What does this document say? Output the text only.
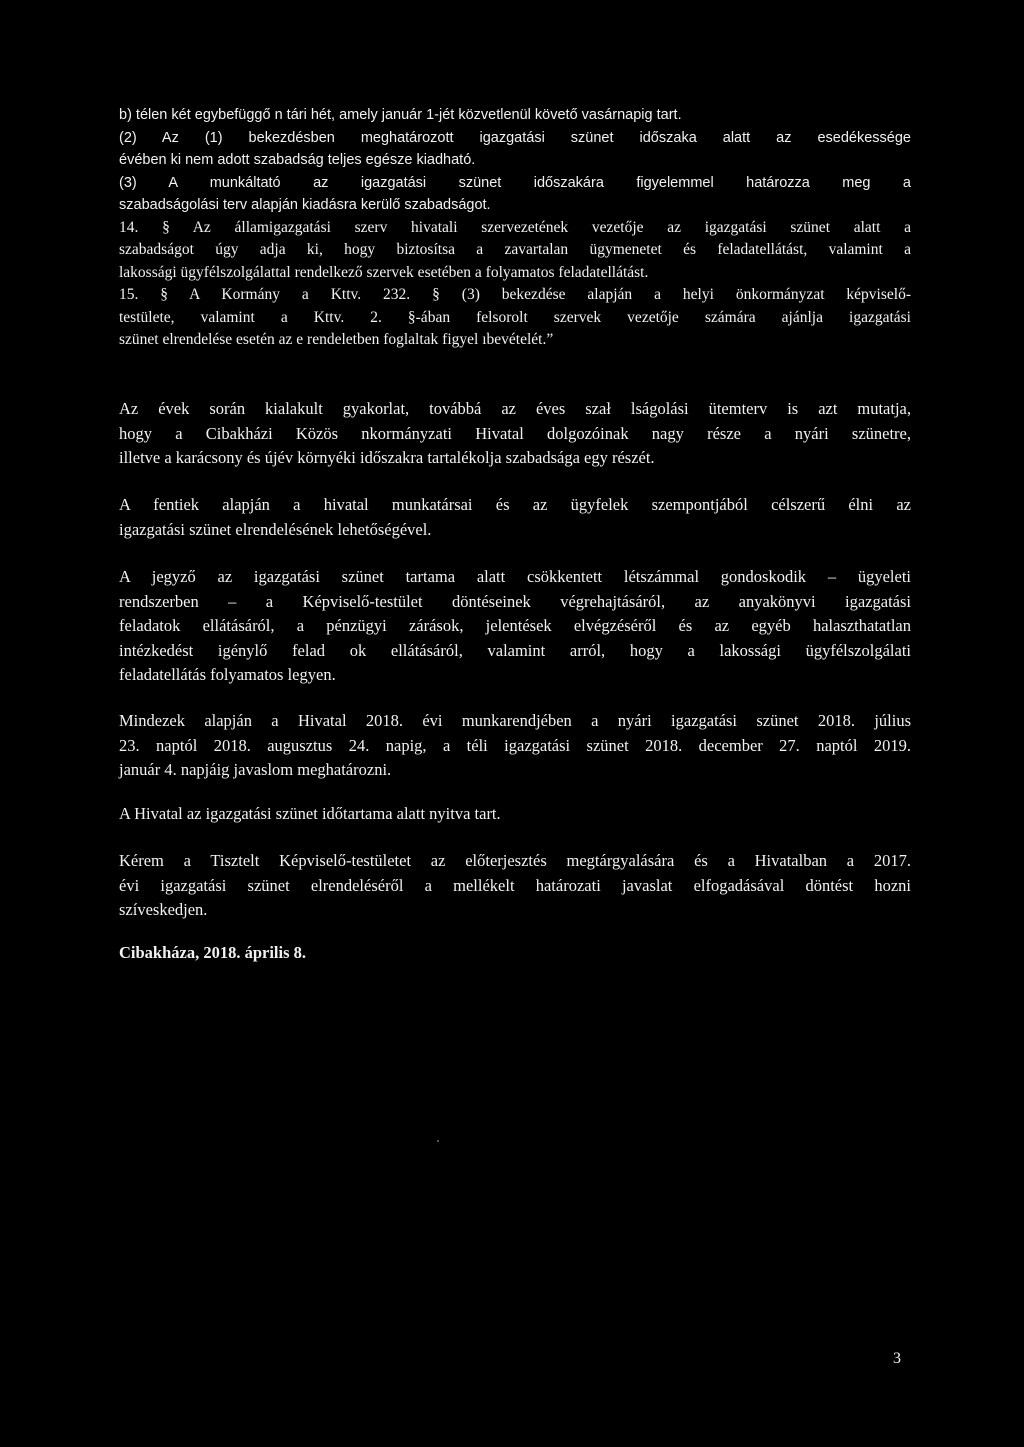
b) télen két egybefüggő n tári hét, amely január 1-jét közvetlenül követő vasárnapig tart.
(2) Az (1) bekezdésben meghatározott igazgatási szünet időszaka alatt az esedékessége
évében ki nem adott szabadság teljes egésze kiadható.
(3) A munkáltató az igazgatási szünet időszakára figyelemmel határozza meg a
szabadságolási terv alapján kiadásra kerülő szabadságot.
14. § Az államigazgatási szerv hivatali szervezetének vezetője az igazgatási szünet alatt a
szabadságot úgy adja ki, hogy biztosítsa a zavartalan ügymenetet és feladatellátást, valamint a
lakossági ügyfélszolgálattal rendelkező szervek esetében a folyamatos feladatellátást.
15. § A Kormány a Kttv. 232. § (3) bekezdése alapján a helyi önkormányzat képviselő-
testülete, valamint a Kttv. 2. §-ában felsorolt szervek vezetője számára ajánlja igazgatási
szünet elrendelése esetén az e rendeletben foglaltak figyel ıbevételét.”
Az évek során kialakult gyakorlat, továbbá az éves szał lságolási ütemterv is azt mutatja,
hogy a Cibakházi Közös nkormányzati Hivatal dolgozóinak nagy része a nyári szünetre,
illetve a karácsony és újév környéki időszakra tartalékolja szabadsága egy részét.
A fentiek alapján a hivatal munkatársai és az ügyfelek szempontjából célszerű élni az
igazgatási szünet elrendelésének lehetőségével.
A jegyző az igazgatási szünet tartama alatt csökkentett létszámmal gondoskodik – ügyeleti
rendszerben – a Képviselő-testület döntéseinek végrehajtásáról, az anyakönyvi igazgatási
feladatok ellátásáról, a pénzügyi zárások, jelentések elvégzéséről és az egyéb halaszthatatlan
intézkedést igénylő felad ok ellátásáról, valamint arról, hogy a lakossági ügyfélszolgálati
feladatellátás folyamatos legyen.
Mindezek alapján a Hivatal 2018. évi munkarendjében a nyári igazgatási szünet 2018. július
23. naptól 2018. augusztus 24. napig, a téli igazgatási szünet 2018. december 27. naptól 2019.
január 4. napjáig javaslom meghatározni.
A Hivatal az igazgatási szünet időtartama alatt nyitva tart.
Kérem a Tisztelt Képviselő-testületet az előterjesztés megtárgyalására és a Hivatalban a 2017.
évi igazgatási szünet elrendeléséről a mellékelt határozati javaslat elfogadásával döntést hozni
szíveskedjen.
Cibakháza, 2018. április 8.
3
